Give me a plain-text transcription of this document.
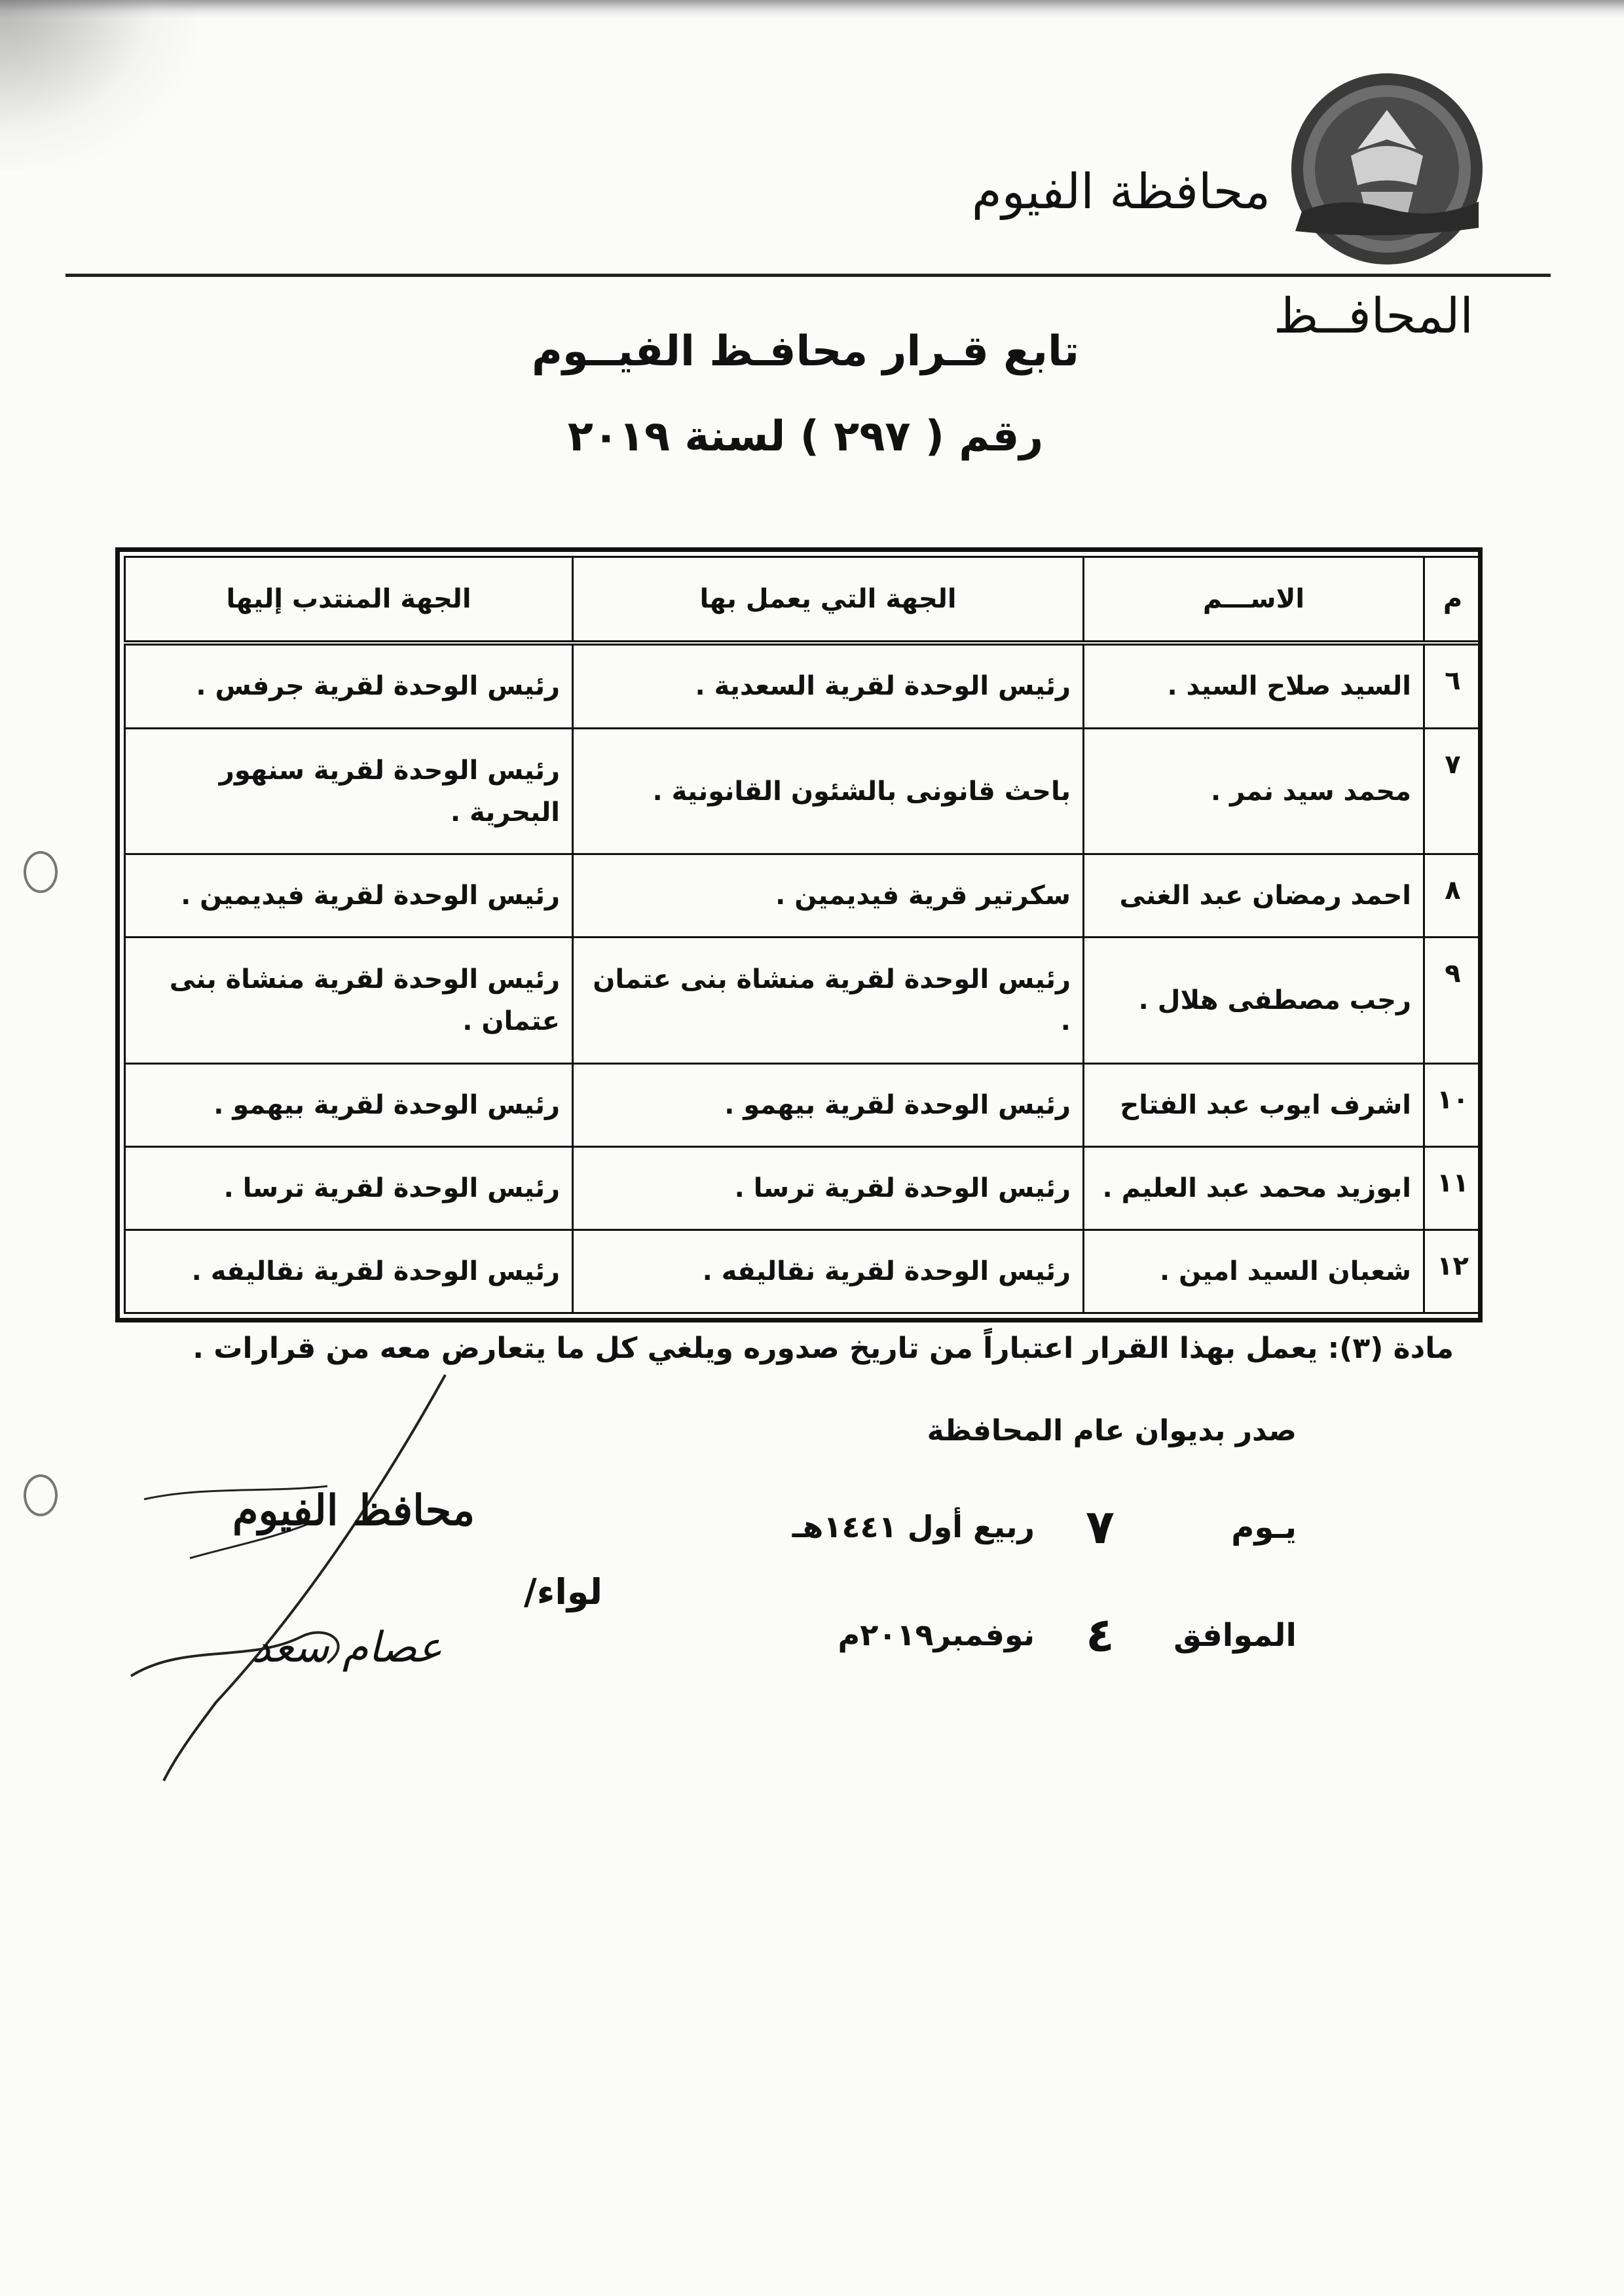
محافظة الفيوم
المحافــظ
تابع قـرار محافـظ الفيــوم
رقم ( ٢٩٧ ) لسنة ٢٠١٩
م	الاســـم	الجهة التي يعمل بها	الجهة المنتدب إليها
٦	السيد صلاح السيد .	رئيس الوحدة لقرية السعدية .	رئيس الوحدة لقرية جرفس .
٧	محمد سيد نمر .	باحث قانونى بالشئون القانونية .	رئيس الوحدة لقرية سنهور البحرية .
٨	احمد رمضان عبد الغنى	سكرتير قرية فيديمين .	رئيس الوحدة لقرية فيديمين .
٩	رجب مصطفى هلال .	رئيس الوحدة لقرية منشاة بنى عتمان .	رئيس الوحدة لقرية منشاة بنى عتمان .
١٠	اشرف ايوب عبد الفتاح	رئيس الوحدة لقرية بيهمو .	رئيس الوحدة لقرية بيهمو .
١١	ابوزيد محمد عبد العليم .	رئيس الوحدة لقرية ترسا .	رئيس الوحدة لقرية ترسا .
١٢	شعبان السيد امين .	رئيس الوحدة لقرية نقاليفه .	رئيس الوحدة لقرية نقاليفه .
مادة (٣): يعمل بهذا القرار اعتباراً من تاريخ صدوره ويلغي كل ما يتعارض معه من قرارات .
صدر بديوان عام المحافظة
يـوم
٧
ربيع أول ١٤٤١هـ
الموافق
٤
نوفمبر٢٠١٩م
محافظ الفيوم
لواء/
عصام سعد
